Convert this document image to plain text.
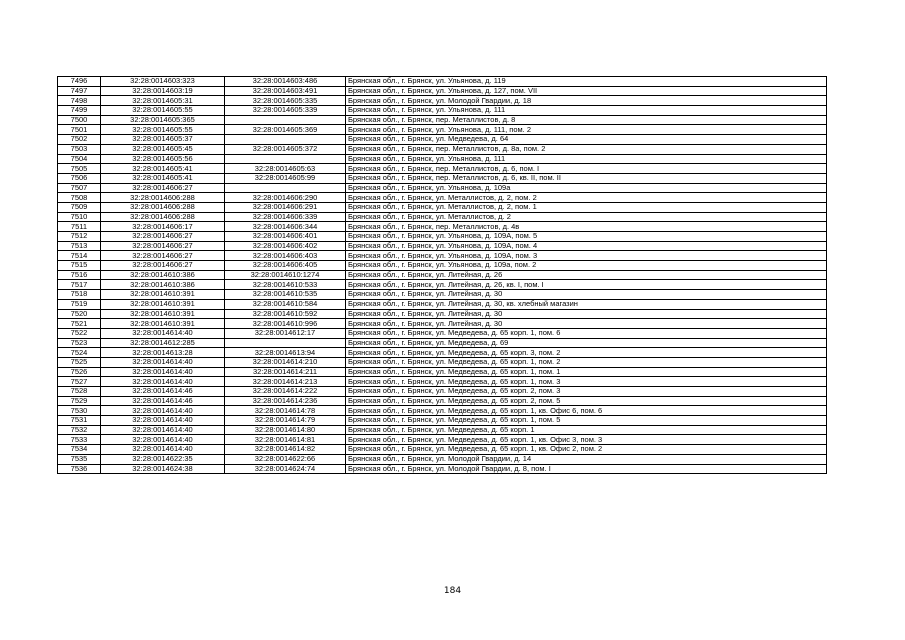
7496	32:28:0014603:323	32:28:0014603:486	Брянская обл., г. Брянск, ул. Ульянова, д. 119
7497	32:28:0014603:19	32:28:0014603:491	Брянская обл., г. Брянск, ул. Ульянова, д. 127, пом. VII
7498	32:28:0014605:31	32:28:0014605:335	Брянская обл., г. Брянск, ул. Молодой Гвардии, д. 18
7499	32:28:0014605:55	32:28:0014605:339	Брянская обл., г. Брянск, ул. Ульянова, д. 111
7500	32:28:0014605:365		Брянская обл., г. Брянск, пер. Металлистов, д. 8
7501	32:28:0014605:55	32:28:0014605:369	Брянская обл., г. Брянск, ул. Ульянова, д. 111, пом. 2
7502	32:28:0014605:37		Брянская обл., г. Брянск, ул. Медведева, д. 64
7503	32:28:0014605:45	32:28:0014605:372	Брянская обл., г. Брянск, пер. Металлистов, д. 8а, пом. 2
7504	32:28:0014605:56		Брянская обл., г. Брянск, ул. Ульянова, д. 111
7505	32:28:0014605:41	32:28:0014605:63	Брянская обл., г. Брянск, пер. Металлистов, д. 6, пом. I
7506	32:28:0014605:41	32:28:0014605:99	Брянская обл., г. Брянск, пер. Металлистов, д. 6, кв. II, пом. II
7507	32:28:0014606:27		Брянская обл., г. Брянск, ул. Ульянова, д. 109а
7508	32:28:0014606:288	32:28:0014606:290	Брянская обл., г. Брянск, ул. Металлистов, д. 2, пом. 2
7509	32:28:0014606:288	32:28:0014606:291	Брянская обл., г. Брянск, ул. Металлистов, д. 2, пом. 1
7510	32:28:0014606:288	32:28:0014606:339	Брянская обл., г. Брянск, ул. Металлистов, д. 2
7511	32:28:0014606:17	32:28:0014606:344	Брянская обл., г. Брянск, пер. Металлистов, д. 4в
7512	32:28:0014606:27	32:28:0014606:401	Брянская обл., г. Брянск, ул. Ульянова, д. 109А, пом. 5
7513	32:28:0014606:27	32:28:0014606:402	Брянская обл., г. Брянск, ул. Ульянова, д. 109А, пом. 4
7514	32:28:0014606:27	32:28:0014606:403	Брянская обл., г. Брянск, ул. Ульянова, д. 109А, пом. 3
7515	32:28:0014606:27	32:28:0014606:405	Брянская обл., г. Брянск, ул. Ульянова, д. 109а, пом. 2
7516	32:28:0014610:386	32:28:0014610:1274	Брянская обл., г. Брянск, ул. Литейная, д. 26
7517	32:28:0014610:386	32:28:0014610:533	Брянская обл., г. Брянск, ул. Литейная, д. 26, кв. I, пом. I
7518	32:28:0014610:391	32:28:0014610:535	Брянская обл., г. Брянск, ул. Литейная, д. 30
7519	32:28:0014610:391	32:28:0014610:584	Брянская обл., г. Брянск, ул. Литейная, д. 30, кв. хлебный магазин
7520	32:28:0014610:391	32:28:0014610:592	Брянская обл., г. Брянск, ул. Литейная, д. 30
7521	32:28:0014610:391	32:28:0014610:996	Брянская обл., г. Брянск, ул. Литейная, д. 30
7522	32:28:0014614:40	32:28:0014612:17	Брянская обл., г. Брянск, ул. Медведева, д. 65 корп. 1, пом. 6
7523	32:28:0014612:285		Брянская обл., г. Брянск, ул. Медведева, д. 69
7524	32:28:0014613:28	32:28:0014613:94	Брянская обл., г. Брянск, ул. Медведева, д. 65 корп. 3, пом. 2
7525	32:28:0014614:40	32:28:0014614:210	Брянская обл., г. Брянск, ул. Медведева, д. 65 корп. 1, пом. 2
7526	32:28:0014614:40	32:28:0014614:211	Брянская обл., г. Брянск, ул. Медведева, д. 65 корп. 1, пом. 1
7527	32:28:0014614:40	32:28:0014614:213	Брянская обл., г. Брянск, ул. Медведева, д. 65 корп. 1, пом. 3
7528	32:28:0014614:46	32:28:0014614:222	Брянская обл., г. Брянск, ул. Медведева, д. 65 корп. 2, пом. 3
7529	32:28:0014614:46	32:28:0014614:236	Брянская обл., г. Брянск, ул. Медведева, д. 65 корп. 2, пом. 5
7530	32:28:0014614:40	32:28:0014614:78	Брянская обл., г. Брянск, ул. Медведева, д. 65 корп. 1, кв. Офис 6, пом. 6
7531	32:28:0014614:40	32:28:0014614:79	Брянская обл., г. Брянск, ул. Медведева, д. 65 корп. 1, пом. 5
7532	32:28:0014614:40	32:28:0014614:80	Брянская обл., г. Брянск, ул. Медведева, д. 65 корп. 1
7533	32:28:0014614:40	32:28:0014614:81	Брянская обл., г. Брянск, ул. Медведева, д. 65 корп. 1, кв. Офис 3, пом. 3
7534	32:28:0014614:40	32:28:0014614:82	Брянская обл., г. Брянск, ул. Медведева, д. 65 корп. 1, кв. Офис 2, пом. 2
7535	32:28:0014622:35	32:28:0014622:66	Брянская обл., г. Брянск, ул. Молодой Гвардии, д. 14
7536	32:28:0014624:38	32:28:0014624:74	Брянская обл., г. Брянск, ул. Молодой Гвардии, д. 8, пом. I
184
